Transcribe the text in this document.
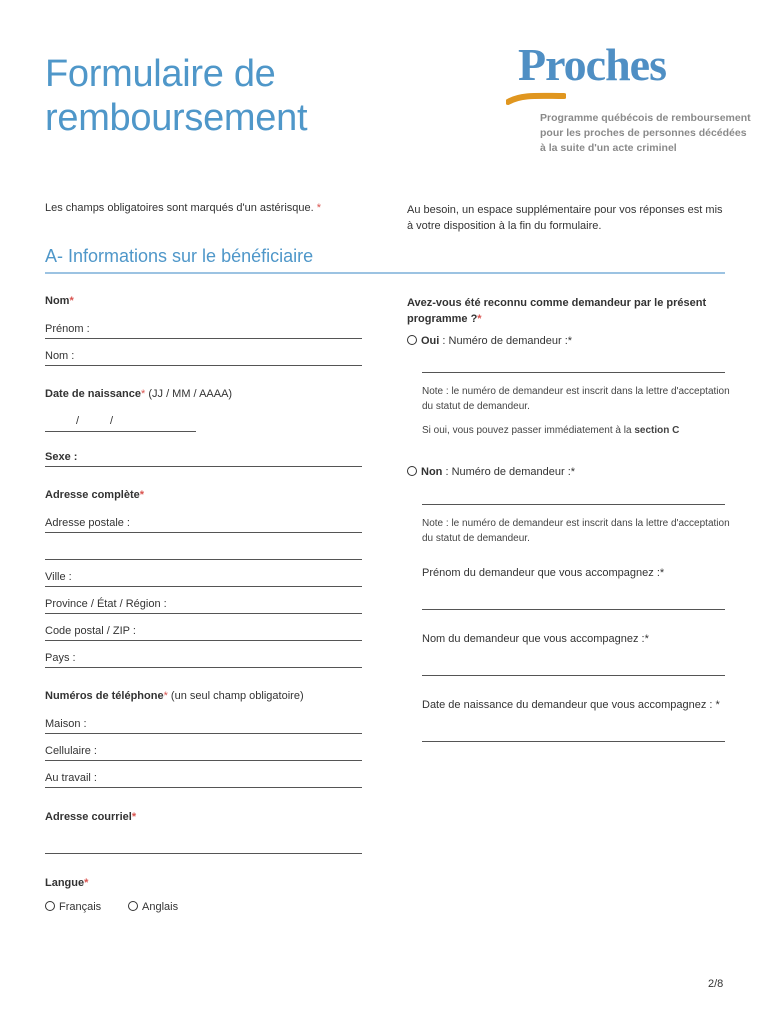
Formulaire de
remboursement
Proches
Programme québécois de remboursement
pour les proches de personnes décédées
à la suite d'un acte criminel
Les champs obligatoires sont marqués d'un astérisque. *	Au besoin, un espace supplémentaire pour vos réponses est mis
à votre disposition à la fin du formulaire.
A- Informations sur le bénéficiaire
Nom*
Prénom :
Nom :
Date de naissance* (JJ / MM / AAAA)
/	/
Sexe :
Adresse complète*
Adresse postale :
Ville :
Province / État / Région :
Code postal / ZIP :
Pays :
Numéros de téléphone* (un seul champ obligatoire)
Maison :
Cellulaire :
Au travail :
Adresse courriel*
Langue*
Français	Anglais
Avez-vous été reconnu comme demandeur par le présent
programme ?*
Oui : Numéro de demandeur :*
Note : le numéro de demandeur est inscrit dans la lettre d'acceptation
du statut de demandeur.
Si oui, vous pouvez passer immédiatement à la section C
Non : Numéro de demandeur :*
Note : le numéro de demandeur est inscrit dans la lettre d'acceptation
du statut de demandeur.
Prénom du demandeur que vous accompagnez :*
Nom du demandeur que vous accompagnez :*
Date de naissance du demandeur que vous accompagnez : *
2/8
